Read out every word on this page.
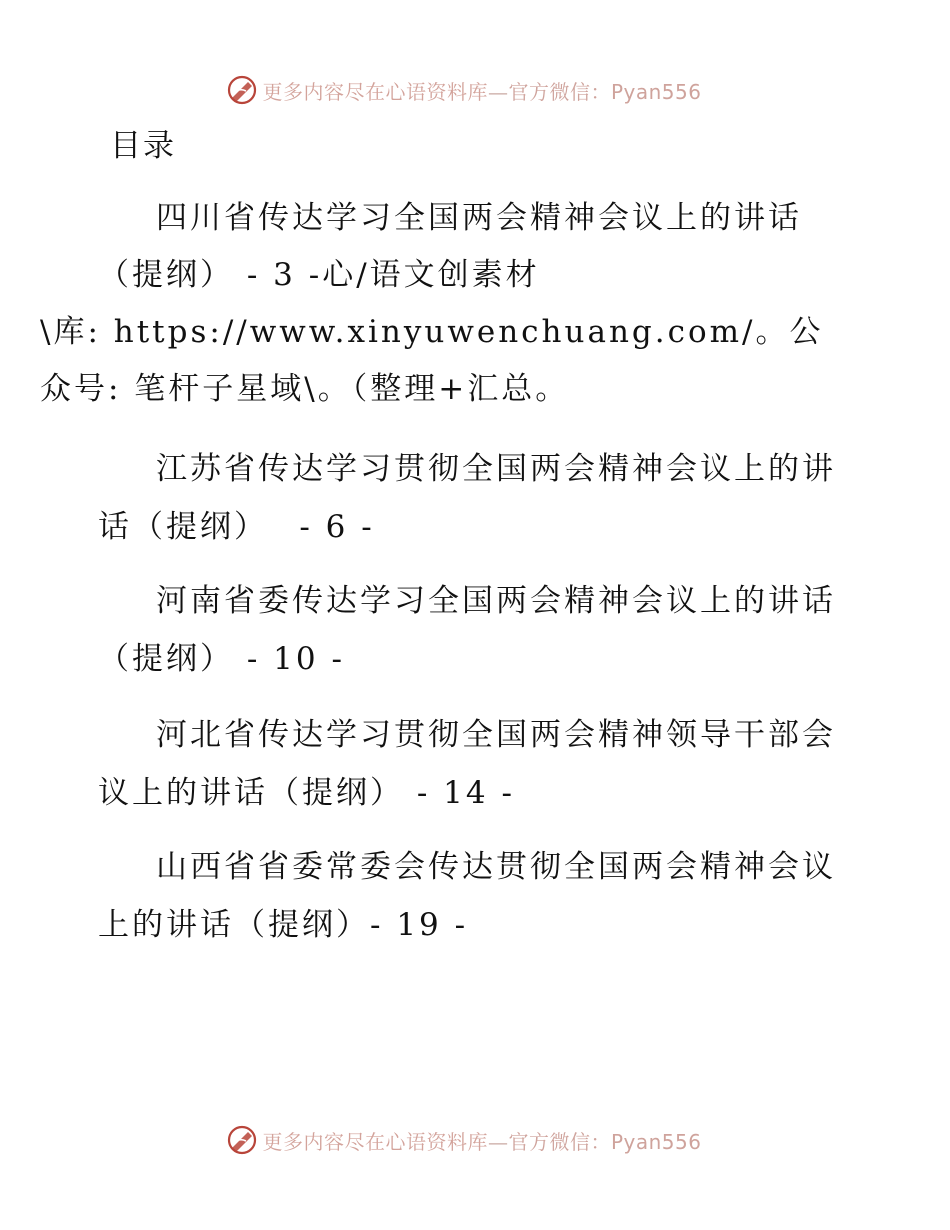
更多内容尽在心语资料库—官方微信：Pyan556
目录

四川省传达学习全国两会精神会议上的讲话（提纲） - 3 -心/语文创素材
\库: https://www.xinyuwenchuang.com/。公众号: 笔杆子星域\。（整理+汇总。

江苏省传达学习贯彻全国两会精神会议上的讲话（提纲）　 - 6 -

河南省委传达学习全国两会精神会议上的讲话（提纲） - 10 -

河北省传达学习贯彻全国两会精神领导干部会议上的讲话（提纲） - 14 -

山西省省委常委会传达贯彻全国两会精神会议上的讲话（提纲）- 19 -

更多内容尽在心语资料库—官方微信：Pyan556
